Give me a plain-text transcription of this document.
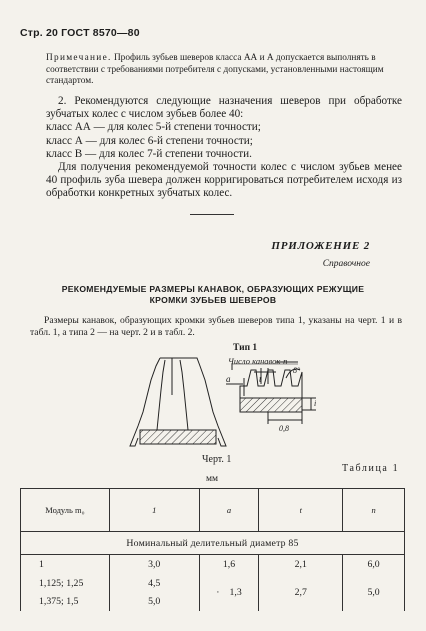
Стр. 20 ГОСТ 8570—80
Примечание. Профиль зубьев шеверов класса АА и А допускается выполнять в соответствии с требованиями потребителя с допусками, установленными настоящим стандартом.

2. Рекомендуются следующие назначения шеверов при обработке зубчатых колес с числом зубьев более 40:

класс АА — для колес 5-й степени точности;

класс А — для колес 6-й степени точности;

класс В — для колес 7-й степени точности.

Для получения рекомендуемой точности колес с числом зубьев менее 40 профиль зуба шевера должен корригироваться потребителем исходя из обработки конкретных зубчатых колес.

ПРИЛОЖЕНИЕ 2
Справочное
РЕКОМЕНДУЕМЫЕ РАЗМЕРЫ КАНАВОК, ОБРАЗУЮЩИХ РЕЖУЩИЕ
КРОМКИ ЗУБЬЕВ ШЕВЕРОВ
Размеры канавок, образующих кромки зубьев шеверов типа 1, указаны на черт. 1 и в табл. 1, а типа 2 — на черт. 2 и в табл. 2.
Тип 1
Число канавок-n
a	t
8°
i
0,8
Черт. 1
Таблица 1
мм
Модуль m₀	1	a	t	n
Номинальный делительный диаметр 85				
1	3,0	1,6	2,1	6,0
1,125; 1,25	4,5	· 1,3	2,7	5,0
1,375; 1,5	5,0			
